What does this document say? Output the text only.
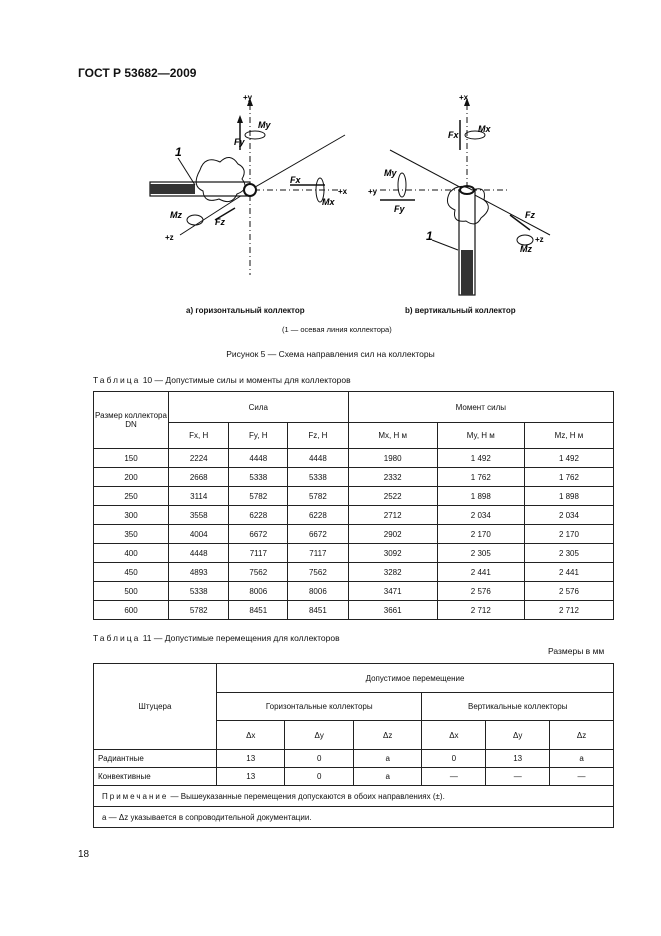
ГОСТ Р 53682—2009
+y
+x
+z
Fy
My
Fx
Mx
Mz
Fz
1
+x
+y
+z
Fx
Mx
My
Fy
Fz
Mz
1
а) горизонтальный коллектор	b) вертикальный коллектор
(1 — осевая линия коллектора)
Рисунок 5 — Схема направления сил на коллекторы
Таблица 10 — Допустимые силы и моменты для коллекторов
Размер коллектора DN	Сила			Момент силы		
	Fx, Н	Fy, Н	Fz, Н	Mx, Н м	My, Н м	Mz, Н м
150	2224	4448	4448	1980	1 492	1 492
200	2668	5338	5338	2332	1 762	1 762
250	3114	5782	5782	2522	1 898	1 898
300	3558	6228	6228	2712	2 034	2 034
350	4004	6672	6672	2902	2 170	2 170
400	4448	7117	7117	3092	2 305	2 305
450	4893	7562	7562	3282	2 441	2 441
500	5338	8006	8006	3471	2 576	2 576
600	5782	8451	8451	3661	2 712	2 712
Таблица 11 — Допустимые перемещения для коллекторов
Размеры в мм
Штуцера	Допустимое перемещение					
	Горизонтальные коллекторы			Вертикальные коллекторы		
	Δx	Δy	Δz	Δx	Δy	Δz
Радиантные	13	0	a	0	13	a
Конвективные	13	0	a	—	—	—
Примечание — Вышеуказанные перемещения допускаются в обоих направлениях (±).						
a — Δz указывается в сопроводительной документации.						
18
